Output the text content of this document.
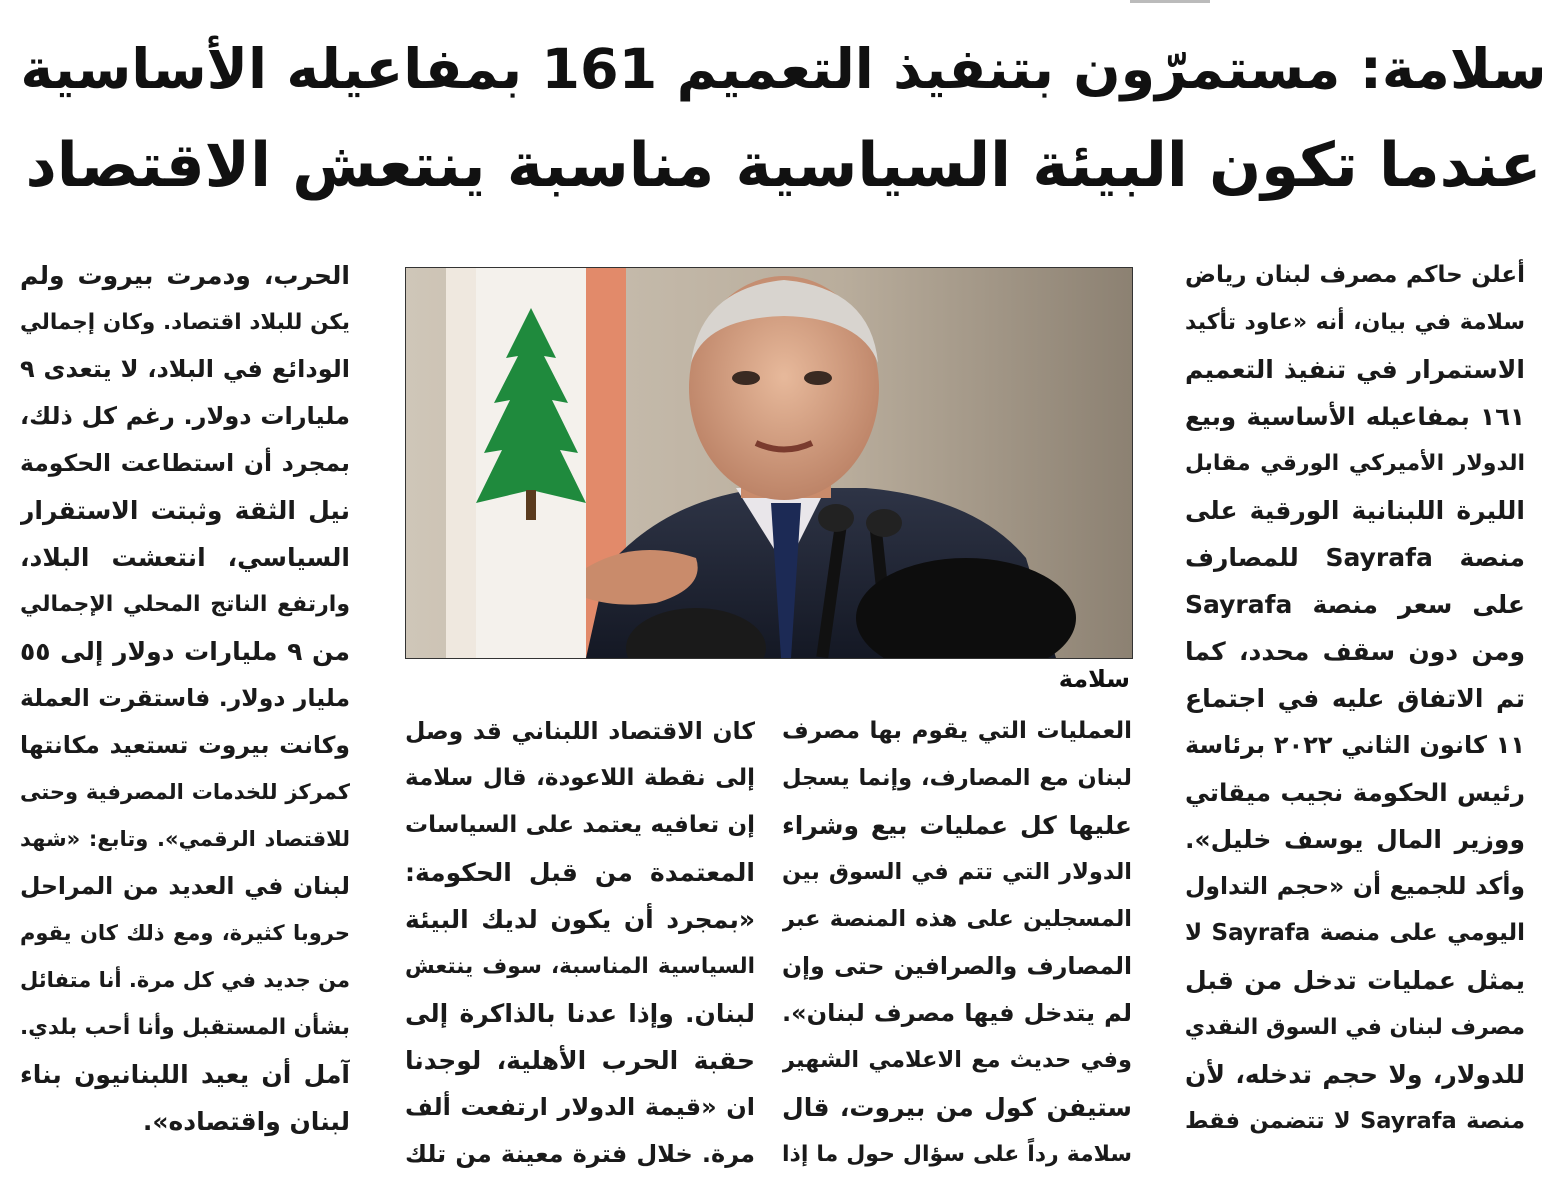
سلامة: مستمرّون بتنفيذ التعميم 161 بمفاعيله الأساسية
عندما تكون البيئة السياسية مناسبة ينتعش الاقتصاد
أعلن حاكم مصرف لبنان رياض
سلامة في بيان، أنه «عاود تأكيد
الاستمرار في تنفيذ التعميم
١٦١ بمفاعيله الأساسية وبيع
الدولار الأميركي الورقي مقابل
الليرة اللبنانية الورقية على
منصة Sayrafa للمصارف
على سعر منصة Sayrafa
ومن دون سقف محدد، كما
تم الاتفاق عليه في اجتماع
١١ كانون الثاني ٢٠٢٢ برئاسة
رئيس الحكومة نجيب ميقاتي
ووزير المال يوسف خليل».
وأكد للجميع أن «حجم التداول
اليومي على منصة Sayrafa لا
يمثل عمليات تدخل من قبل
مصرف لبنان في السوق النقدي
للدولار، ولا حجم تدخله، لأن
منصة Sayrafa لا تتضمن فقط
سلامة
العمليات التي يقوم بها مصرف
لبنان مع المصارف، وإنما يسجل
عليها كل عمليات بيع وشراء
الدولار التي تتم في السوق بين
المسجلين على هذه المنصة عبر
المصارف والصرافين حتى وإن
لم يتدخل فيها مصرف لبنان».
وفي حديث مع الاعلامي الشهير
ستيفن كول من بيروت، قال
سلامة رداً على سؤال حول ما إذا
كان الاقتصاد اللبناني قد وصل
إلى نقطة اللاعودة، قال سلامة
إن تعافيه يعتمد على السياسات
المعتمدة من قبل الحكومة:
«بمجرد أن يكون لديك البيئة
السياسية المناسبة، سوف ينتعش
لبنان. وإذا عدنا بالذاكرة إلى
حقبة الحرب الأهلية، لوجدنا
ان «قيمة الدولار ارتفعت ألف
مرة. خلال فترة معينة من تلك
الحرب، ودمرت بيروت ولم
يكن للبلاد اقتصاد. وكان إجمالي
الودائع في البلاد، لا يتعدى ٩
مليارات دولار. رغم كل ذلك،
بمجرد أن استطاعت الحكومة
نيل الثقة وثبتت الاستقرار
السياسي، انتعشت البلاد،
وارتفع الناتج المحلي الإجمالي
من ٩ مليارات دولار إلى ٥٥
مليار دولار. فاستقرت العملة
وكانت بيروت تستعيد مكانتها
كمركز للخدمات المصرفية وحتى
للاقتصاد الرقمي». وتابع: «شهد
لبنان في العديد من المراحل
حروبا كثيرة، ومع ذلك كان يقوم
من جديد في كل مرة. أنا متفائل
بشأن المستقبل وأنا أحب بلدي.
آمل أن يعيد اللبنانيون بناء
لبنان واقتصاده».
